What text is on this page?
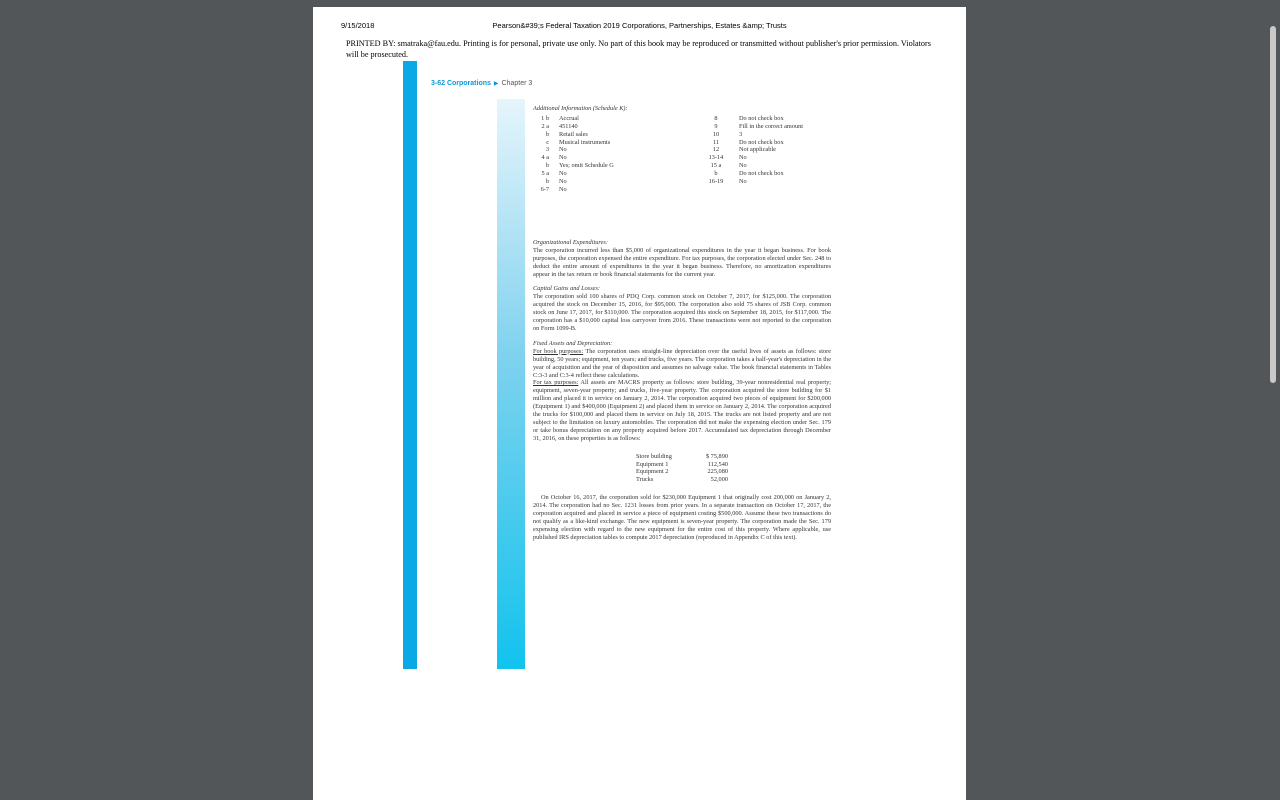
9/15/2018	Pearson&#39;s Federal Taxation 2019 Corporations, Partnerships, Estates &amp; Trusts
PRINTED BY: smatraka@fau.edu. Printing is for personal, private use only. No part of this book may be reproduced or transmitted without publisher's prior permission. Violators will be prosecuted.
3-62 Corporations ▶ Chapter 3

Additional Information (Schedule K):

1 b Accrual
2 a 451140
b Retail sales
c Musical instruments
3 No
4 a No
b Yes; omit Schedule G
5 a No
b No
6-7 No
8	Do not check box
9	Fill in the correct amount
10	3
11	Do not check box
12	Not applicable
13-14	No
15 a	No
b	Do not check box
16-19	No

Organizational Expenditures:

The corporation incurred less than $5,000 of organizational expenditures in the year it began business. For book purposes, the corporation expensed the entire expenditure. For tax purposes, the corporation elected under Sec. 248 to deduct the entire amount of expenditures in the year it began business. Therefore, no amortization expenditures appear in the tax return or book financial statements for the current year.

Capital Gains and Losses:

The corporation sold 100 shares of PDQ Corp. common stock on October 7, 2017, for $125,000. The corporation acquired the stock on December 15, 2016, for $95,000. The corporation also sold 75 shares of JSB Corp. common stock on June 17, 2017, for $110,000. The corporation acquired this stock on September 18, 2015, for $117,000. The corporation has a $10,000 capital loss carryover from 2016. These transactions were not reported to the corporation on Form 1099-B.

Fixed Assets and Depreciation:

For book purposes: The corporation uses straight-line depreciation over the useful lives of assets as follows: store building, 50 years; equipment, ten years; and trucks, five years. The corporation takes a half-year's depreciation in the year of acquisition and the year of disposition and assumes no salvage value. The book financial statements in Tables C:3-3 and C:3-4 reflect these calculations.

For tax purposes: All assets are MACRS property as follows: store building, 39-year nonresidential real property; equipment, seven-year property; and trucks, five-year property. The corporation acquired the store building for $1 million and placed it in service on January 2, 2014. The corporation acquired two pieces of equipment for $200,000 (Equipment 1) and $400,000 (Equipment 2) and placed them in service on January 2, 2014. The corporation acquired the trucks for $100,000 and placed them in service on July 18, 2015. The trucks are not listed property and are not subject to the limitation on luxury automobiles. The corporation did not make the expensing election under Sec. 179 or take bonus depreciation on any property acquired before 2017. Accumulated tax depreciation through December 31, 2016, on these properties is as follows:

Store building	$ 75,890
Equipment 1	112,540
Equipment 2	225,080
Trucks	52,000

On October 16, 2017, the corporation sold for $230,000 Equipment 1 that originally cost 200,000 on January 2, 2014. The corporation had no Sec. 1231 losses from prior years. In a separate transaction on October 17, 2017, the corporation acquired and placed in service a piece of equipment costing $500,000. Assume these two transactions do not qualify as a like-kind exchange. The new equipment is seven-year property. The corporation made the Sec. 179 expensing election with regard to the new equipment for the entire cost of this property. Where applicable, use published IRS depreciation tables to compute 2017 depreciation (reproduced in Appendix C of this text).
